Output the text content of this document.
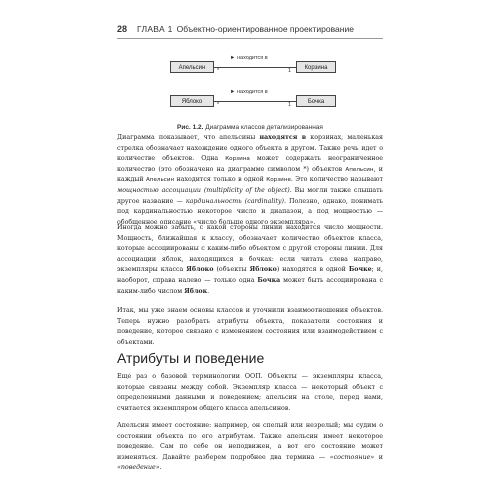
28 ГЛАВА 1 Объектно-ориентированное проектирование
Апельсин
► находится в
*	1	Корзина
Яблоко
► находится в
*	1	Бочка
Рис. 1.2. Диаграмма классов детализированная

Диаграмма показывает, что апельсины находятся в корзинах, маленькая стрелка обозначает нахождение одного объекта в другом. Также речь идет о количестве объектов. Одна Корзина может содержать неограниченное количество (это обозначено на диаграмме символом *) объектов Апельсин, и каждый Апельсин находится только в одной Корзине. Это количество называют мощностью ассоциации (multiplicity of the object). Вы могли также слышать другое название — кардинальность (cardinality). Полезно, однако, понимать под кардинальностью некоторое число и диапазон, а под мощностью — обобщенное описание «число больше одного экземпляра».

Иногда можно забыть, с какой стороны линии находится число мощности. Мощность, ближайшая к классу, обозначает количество объектов класса, которые ассоциированы с каким-либо объектом с другой стороны линии. Для ассоциации яблок, находящихся в бочках: если читать слева направо, экземпляры класса Яблоко (объекты Яблоко) находятся в одной Бочке; и, наоборот, справа налево — только одна Бочка может быть ассоциирована с каким-либо числом Яблок.

Итак, мы уже знаем основы классов и уточнили взаимоотношения объектов. Теперь нужно разобрать атрибуты объекта, показатели состояния и поведение, которое связано с изменением состояния или взаимодействием с объектами.

Атрибуты и поведение

Еще раз о базовой терминологии ООП. Объекты — экземпляры класса, которые связаны между собой. Экземпляр класса — некоторый объект с определенными данными и поведением; апельсин на столе, перед нами, считается экземпляром общего класса апельсинов.

Апельсин имеет состояние: например, он спелый или незрелый; мы судим о состоянии объекта по его атрибутам. Также апельсин имеет некоторое поведение. Сам по себе он неподвижен, а вот его состояние может изменяться. Давайте разберем подробнее два термина — «состояние» и «поведение».
